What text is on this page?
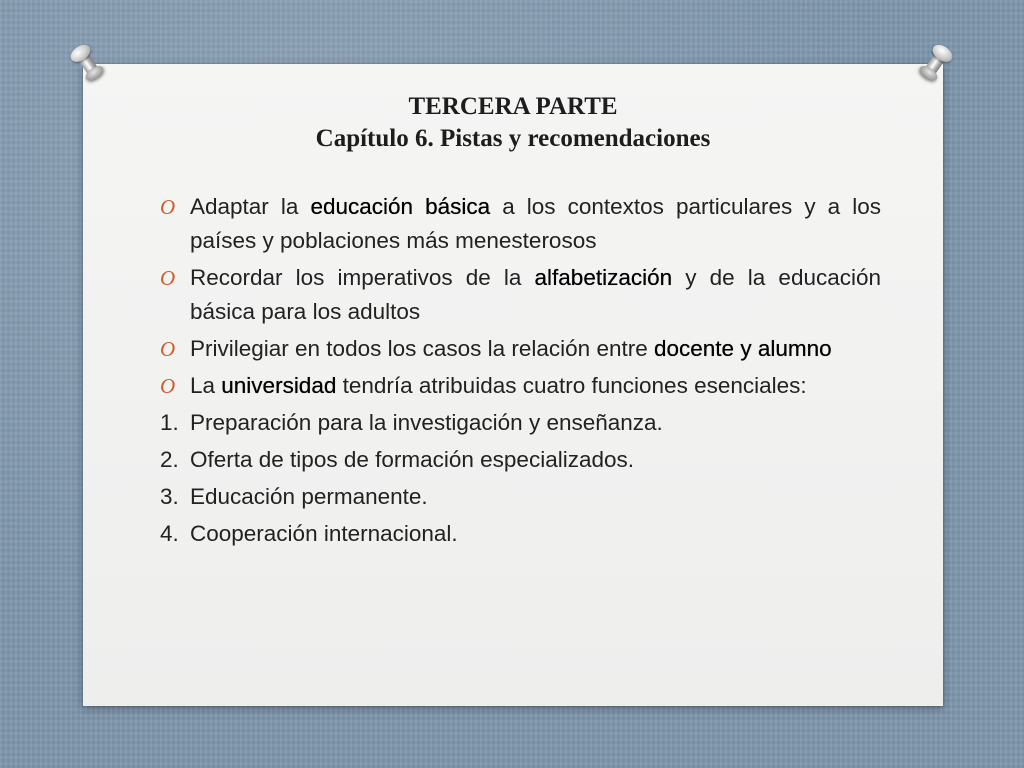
TERCERA PARTE
Capítulo 6. Pistas y recomendaciones
O Adaptar la educación básica a los contextos particulares y a los países y poblaciones más menesterosos
O Recordar los imperativos de la alfabetización y de la educación básica para los adultos
O Privilegiar en todos los casos la relación entre docente y alumno
O La universidad tendría atribuidas cuatro funciones esenciales:
1. Preparación para la investigación y enseñanza.
2. Oferta de tipos de formación especializados.
3. Educación permanente.
4. Cooperación internacional.
